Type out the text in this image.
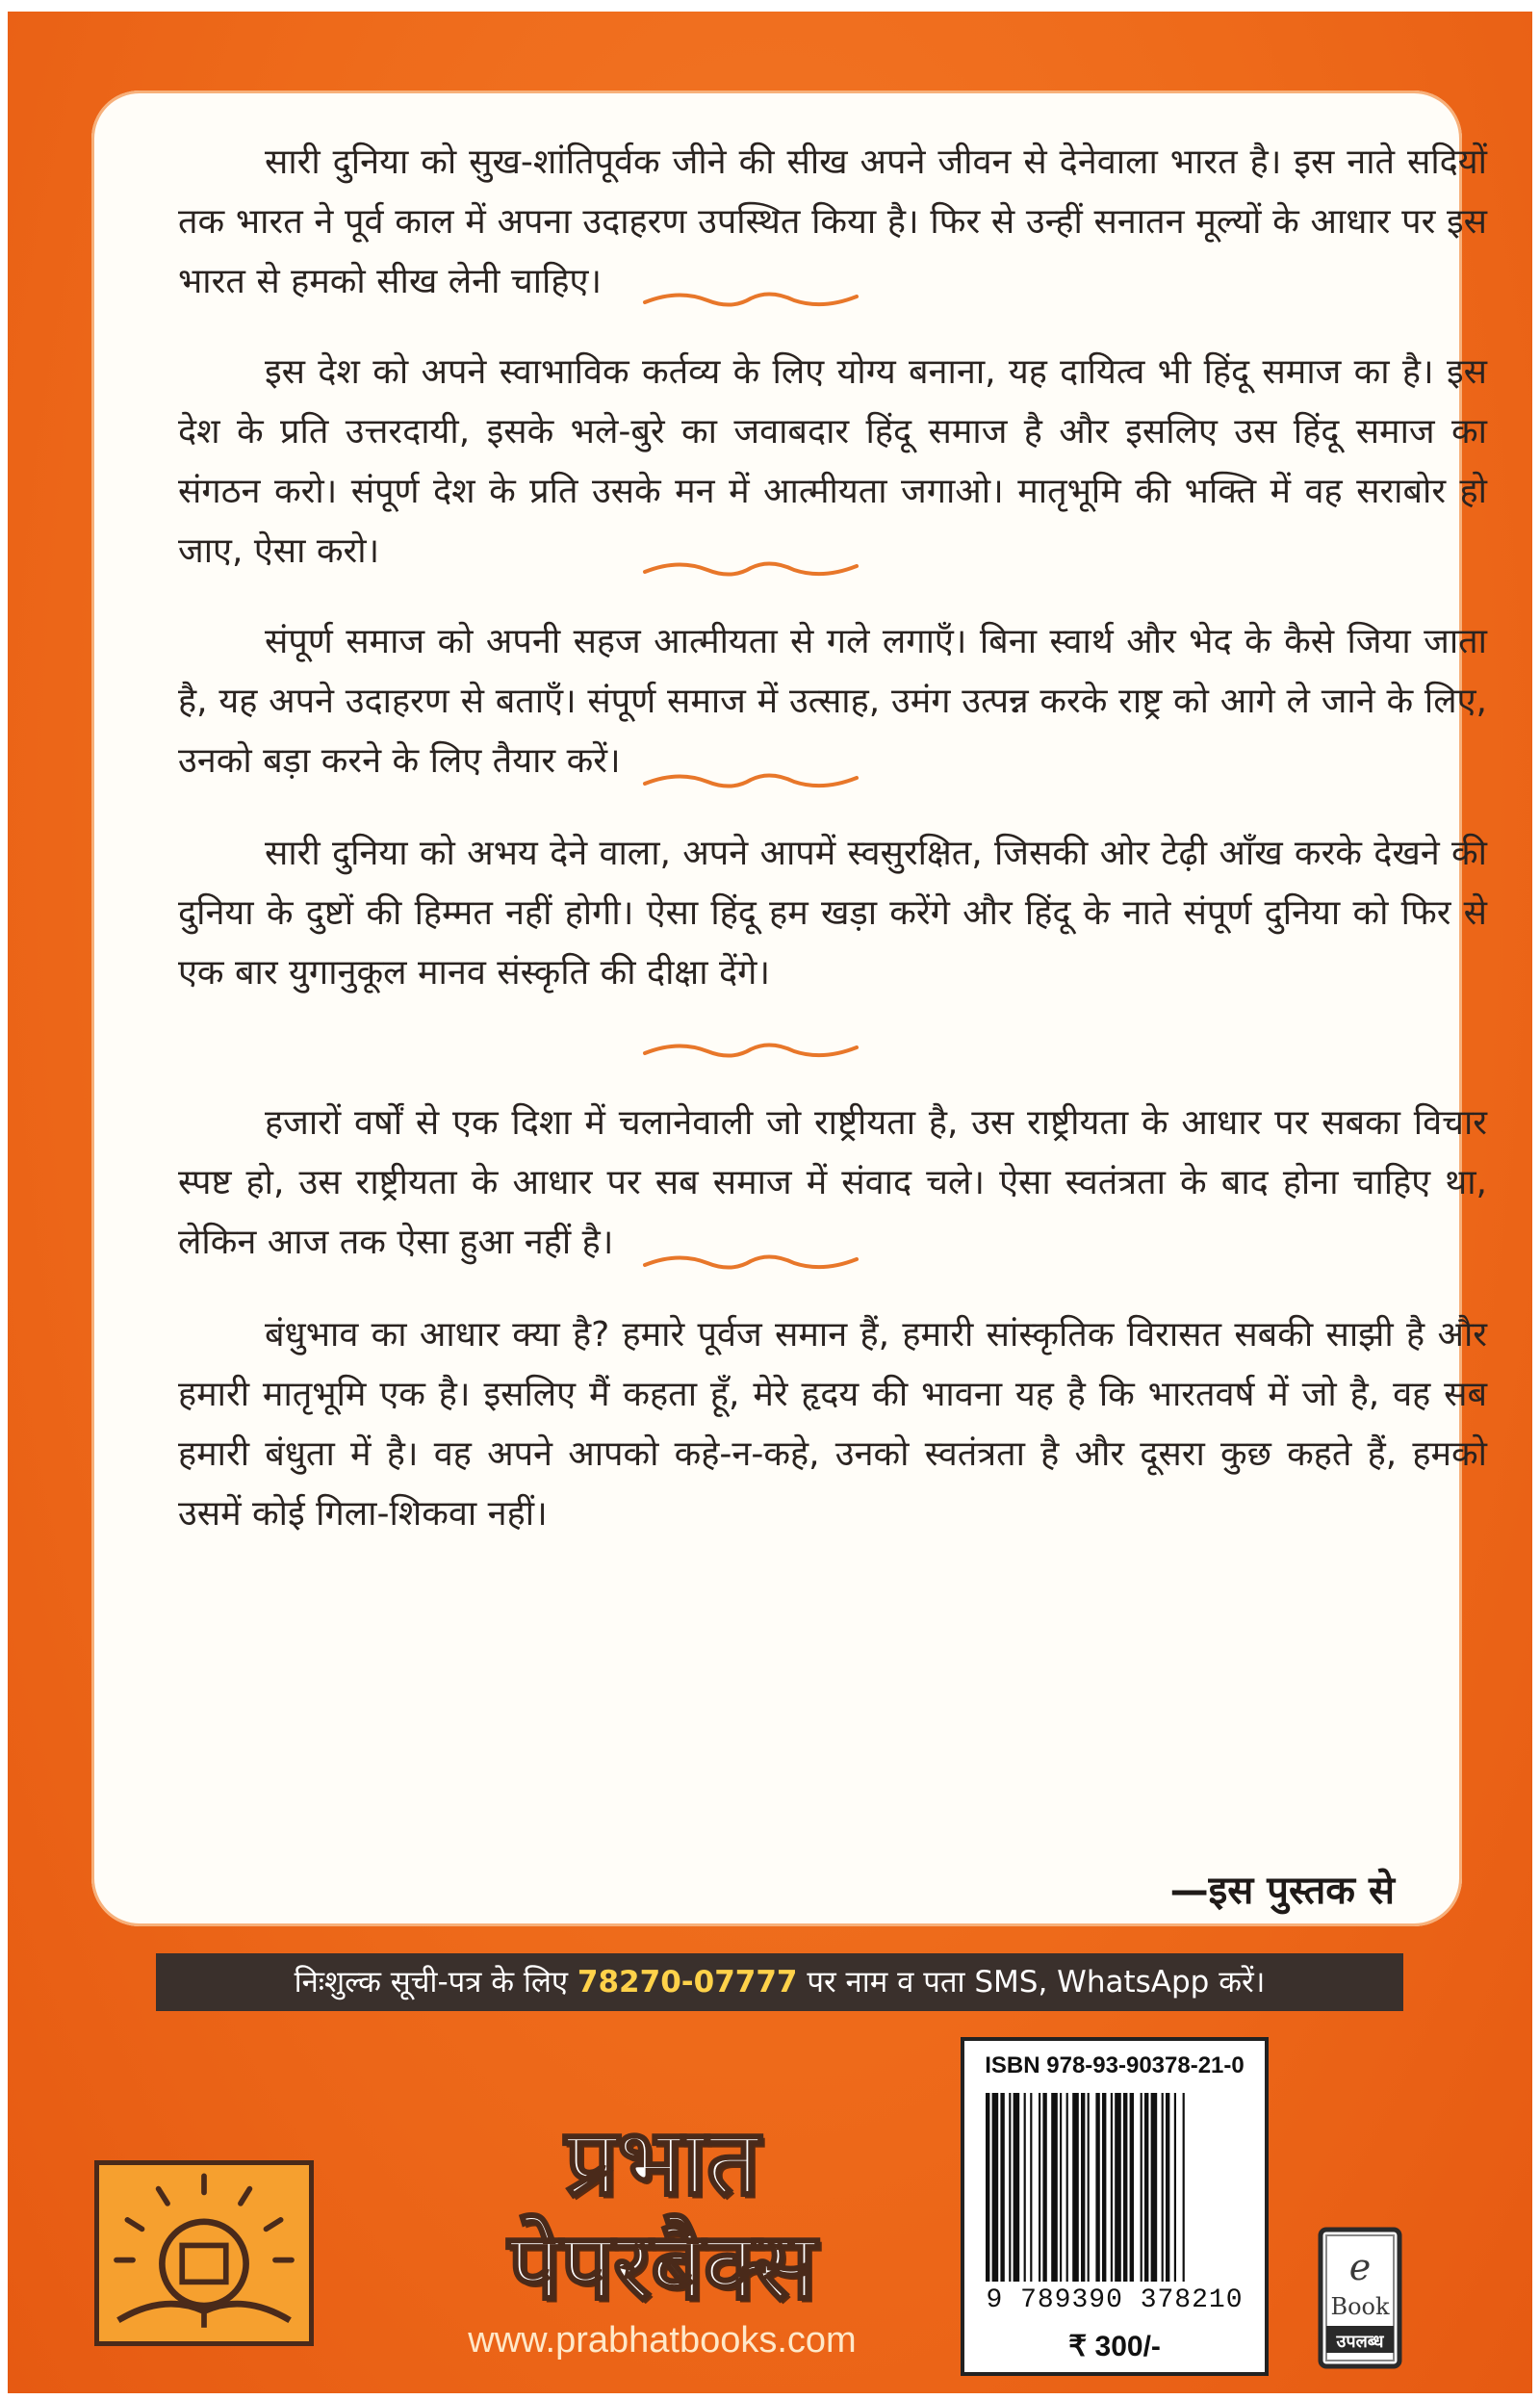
सारी दुनिया को सुख-शांतिपूर्वक जीने की सीख अपने जीवन से देनेवाला भारत है। इस नाते सदियों तक भारत ने पूर्व काल में अपना उदाहरण उपस्थित किया है। फिर से उन्हीं सनातन मूल्यों के आधार पर इस भारत से हमको सीख लेनी चाहिए।

इस देश को अपने स्वाभाविक कर्तव्य के लिए योग्य बनाना, यह दायित्व भी हिंदू समाज का है। इस देश के प्रति उत्तरदायी, इसके भले-बुरे का जवाबदार हिंदू समाज है और इसलिए उस हिंदू समाज का संगठन करो। संपूर्ण देश के प्रति उसके मन में आत्मीयता जगाओ। मातृभूमि की भक्ति में वह सराबोर हो जाए, ऐसा करो।

संपूर्ण समाज को अपनी सहज आत्मीयता से गले लगाएँ। बिना स्वार्थ और भेद के कैसे जिया जाता है, यह अपने उदाहरण से बताएँ। संपूर्ण समाज में उत्साह, उमंग उत्पन्न करके राष्ट्र को आगे ले जाने के लिए, उनको बड़ा करने के लिए तैयार करें।

सारी दुनिया को अभय देने वाला, अपने आपमें स्वसुरक्षित, जिसकी ओर टेढ़ी आँख करके देखने की दुनिया के दुष्टों की हिम्मत नहीं होगी। ऐसा हिंदू हम खड़ा करेंगे और हिंदू के नाते संपूर्ण दुनिया को फिर से एक बार युगानुकूल मानव संस्कृति की दीक्षा देंगे।

हजारों वर्षों से एक दिशा में चलानेवाली जो राष्ट्रीयता है, उस राष्ट्रीयता के आधार पर सबका विचार स्पष्ट हो, उस राष्ट्रीयता के आधार पर सब समाज में संवाद चले। ऐसा स्वतंत्रता के बाद होना चाहिए था, लेकिन आज तक ऐसा हुआ नहीं है।

बंधुभाव का आधार क्या है? हमारे पूर्वज समान हैं, हमारी सांस्कृतिक विरासत सबकी साझी है और हमारी मातृभूमि एक है। इसलिए मैं कहता हूँ, मेरे हृदय की भावना यह है कि भारतवर्ष में जो है, वह सब हमारी बंधुता में है। वह अपने आपको कहे-न-कहे, उनको स्वतंत्रता है और दूसरा कुछ कहते हैं, हमको उसमें कोई गिला-शिकवा नहीं।

—इस पुस्तक से
निःशुल्क सूची-पत्र के लिए 78270-07777 पर नाम व पता SMS, WhatsApp करें।
प्रभात
पेपरबैक्स
www.prabhatbooks.com
ISBN 978-93-90378-21-0
9 789390 378210
₹ 300/-
e
Book
उपलब्ध
